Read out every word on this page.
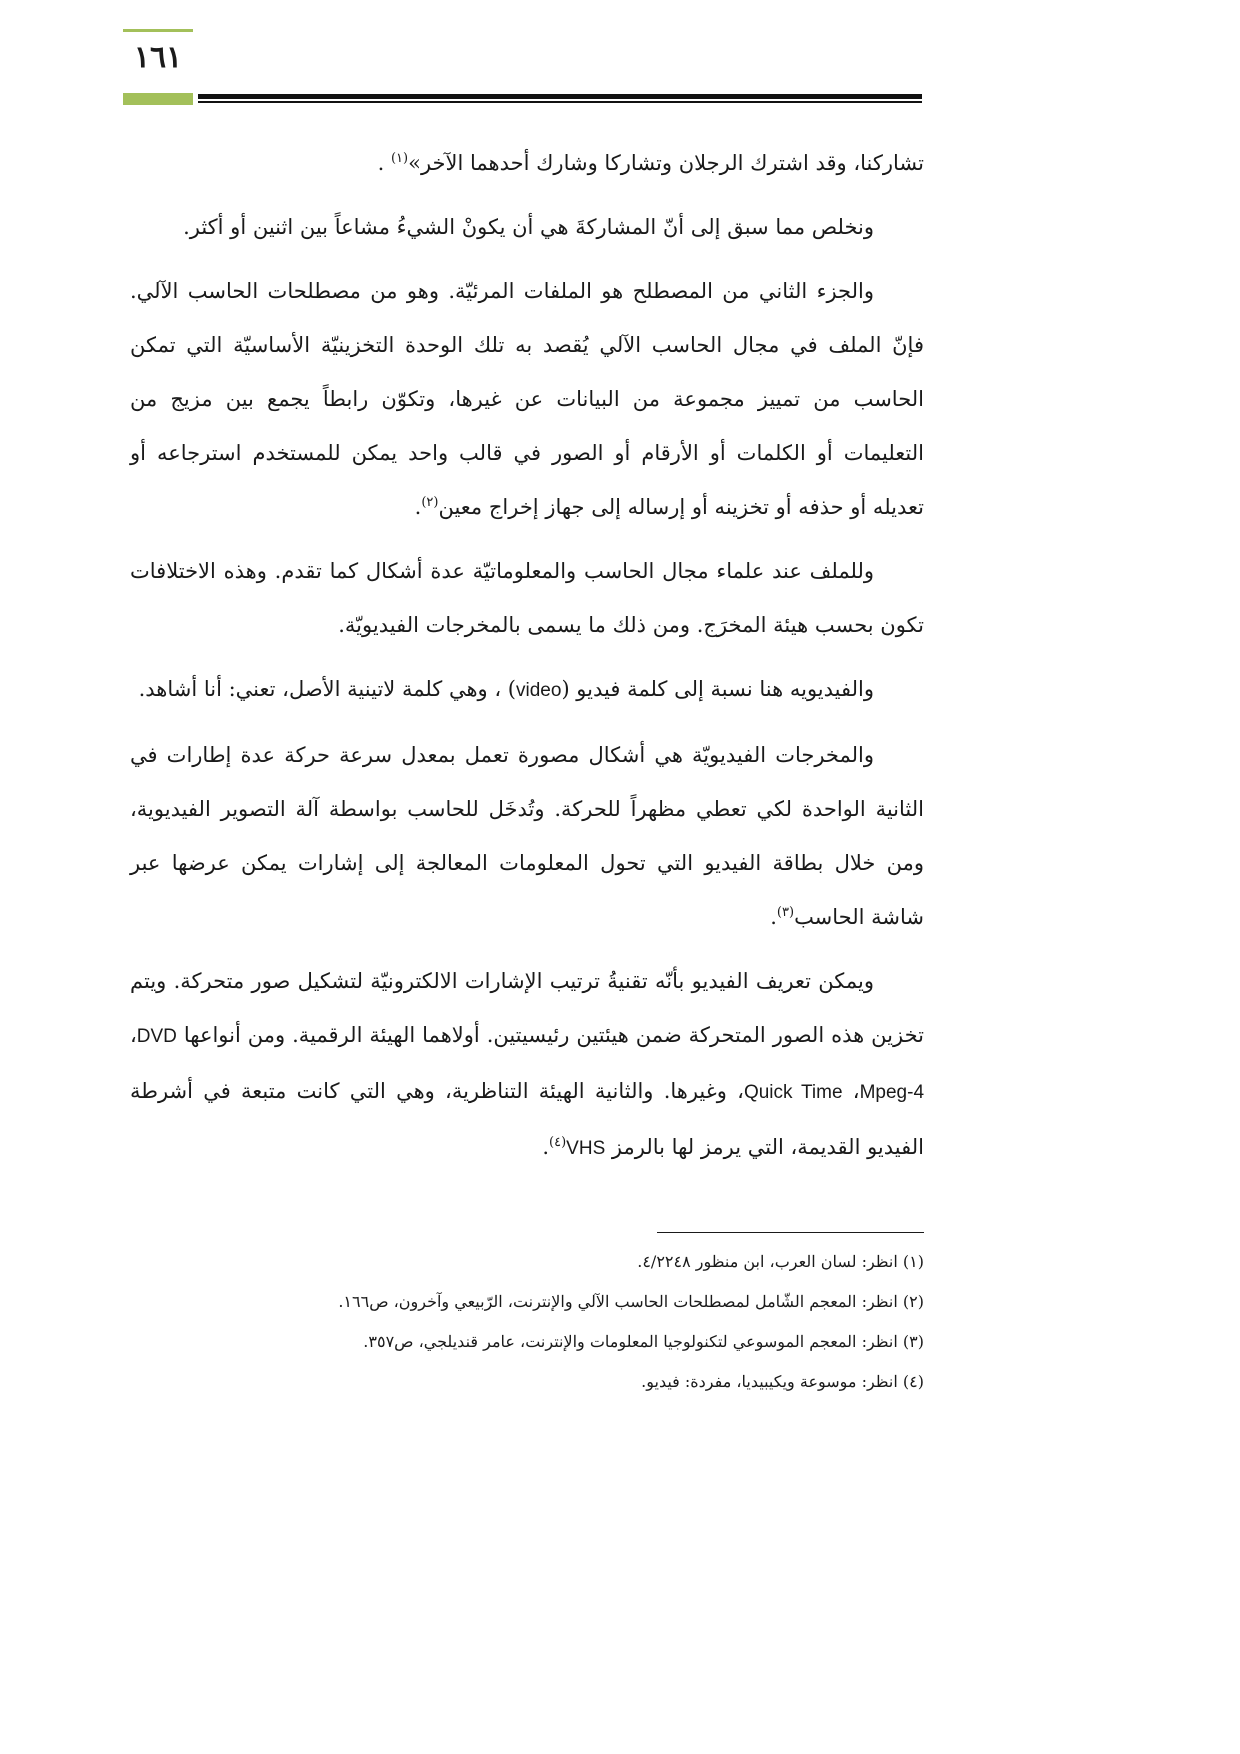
١٦١

تشاركنا، وقد اشترك الرجلان وتشاركا وشارك أحدهما الآخر»$^{(١)}$ .

ونخلص مما سبق إلى أنّ المشاركةَ هي أن يكونْ الشيءُ مشاعاً بين اثنين أو أكثر.

والجزء الثاني من المصطلح هو الملفات المرئيّة. وهو من مصطلحات الحاسب الآلي. فإنّ الملف في مجال الحاسب الآلي يُقصد به تلك الوحدة التخزينيّة الأساسيّة التي تمكن الحاسب من تمييز مجموعة من البيانات عن غيرها، وتكوّن رابطاً يجمع بين مزيج من التعليمات أو الكلمات أو الأرقام أو الصور في قالب واحد يمكن للمستخدم استرجاعه أو تعديله أو حذفه أو تخزينه أو إرساله إلى جهاز إخراج معين$^{(٢)}$.

وللملف عند علماء مجال الحاسب والمعلوماتيّة عدة أشكال كما تقدم. وهذه الاختلافات تكون بحسب هيئة المخرَج. ومن ذلك ما يسمى بالمخرجات الفيديويّة.

والفيديويه هنا نسبة إلى كلمة فيديو (video) ، وهي كلمة لاتينية الأصل، تعني: أنا أشاهد.

والمخرجات الفيديويّة هي أشكال مصورة تعمل بمعدل سرعة حركة عدة إطارات في الثانية الواحدة لكي تعطي مظهراً للحركة. وتُدخَل للحاسب بواسطة آلة التصوير الفيديوية، ومن خلال بطاقة الفيديو التي تحول المعلومات المعالجة إلى إشارات يمكن عرضها عبر شاشة الحاسب$^{(٣)}$.

ويمكن تعريف الفيديو بأنّه تقنيةُ ترتيب الإشارات الالكترونيّة لتشكيل صور متحركة. ويتم تخزين هذه الصور المتحركة ضمن هيئتين رئيسيتين. أولاهما الهيئة الرقمية. ومن أنواعها DVD، Mpeg-4، Quick Time، وغيرها. والثانية الهيئة التناظرية، وهي التي كانت متبعة في أشرطة الفيديو القديمة، التي يرمز لها بالرمز VHS$^{(٤)}$.

(١) انظر: لسان العرب، ابن منظور ٤/٢٢٤٨.
(٢) انظر: المعجم الشّامل لمصطلحات الحاسب الآلي والإنترنت، الرّبيعي وآخرون، ص١٦٦.
(٣) انظر: المعجم الموسوعي لتكنولوجيا المعلومات والإنترنت، عامر قنديلجي، ص٣٥٧.
(٤) انظر: موسوعة ويكيبيديا، مفردة: فيديو.
